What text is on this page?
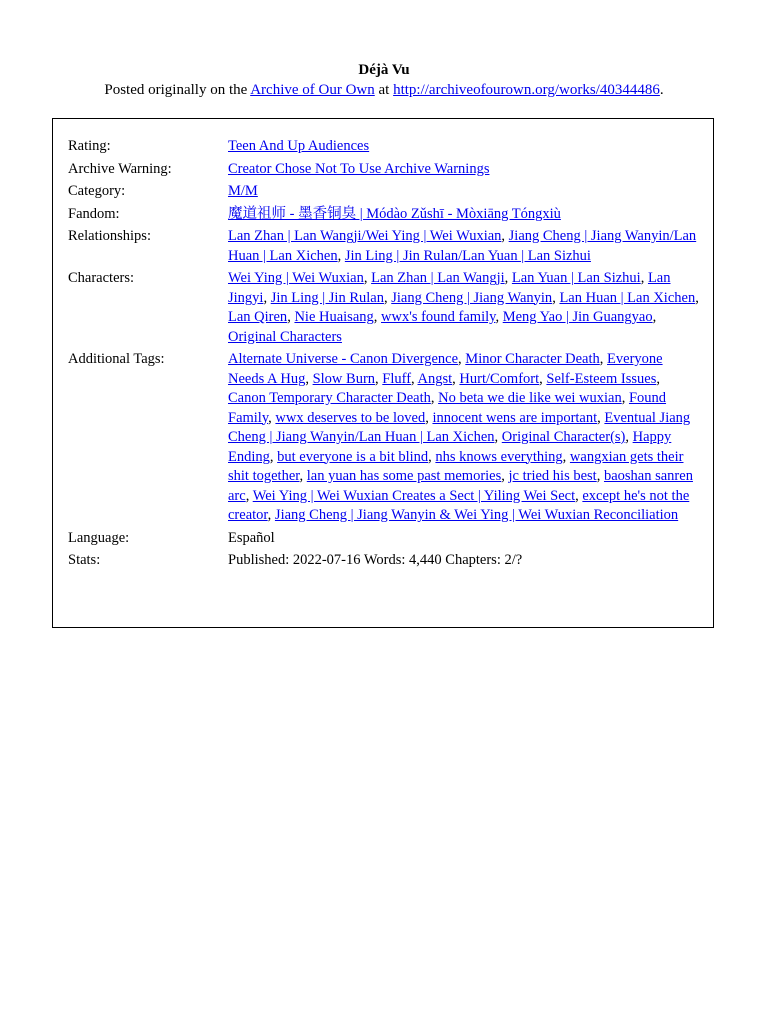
Déjà Vu
Posted originally on the Archive of Our Own at http://archiveofourown.org/works/40344486.
Rating:	Teen And Up Audiences
Archive Warning:	Creator Chose Not To Use Archive Warnings
Category:	M/M
Fandom:	魔道祖师 - 墨香铜臭 | Módào Zǔshī - Mòxiāng Tóngxiù
Relationships:	Lan Zhan | Lan Wangji/Wei Ying | Wei Wuxian, Jiang Cheng | Jiang Wanyin/Lan Huan | Lan Xichen, Jin Ling | Jin Rulan/Lan Yuan | Lan Sizhui
Characters:	Wei Ying | Wei Wuxian, Lan Zhan | Lan Wangji, Lan Yuan | Lan Sizhui, Lan Jingyi, Jin Ling | Jin Rulan, Jiang Cheng | Jiang Wanyin, Lan Huan | Lan Xichen, Lan Qiren, Nie Huaisang, wwx's found family, Meng Yao | Jin Guangyao, Original Characters
Additional Tags:	Alternate Universe - Canon Divergence, Minor Character Death, Everyone Needs A Hug, Slow Burn, Fluff, Angst, Hurt/Comfort, Self-Esteem Issues, Canon Temporary Character Death, No beta we die like wei wuxian, Found Family, wwx deserves to be loved, innocent wens are important, Eventual Jiang Cheng | Jiang Wanyin/Lan Huan | Lan Xichen, Original Character(s), Happy Ending, but everyone is a bit blind, nhs knows everything, wangxian gets their shit together, lan yuan has some past memories, jc tried his best, baoshan sanren arc, Wei Ying | Wei Wuxian Creates a Sect | Yiling Wei Sect, except he's not the creator, Jiang Cheng | Jiang Wanyin & Wei Ying | Wei Wuxian Reconciliation
Language:	Español
Stats:	Published: 2022-07-16 Words: 4,440 Chapters: 2/?
